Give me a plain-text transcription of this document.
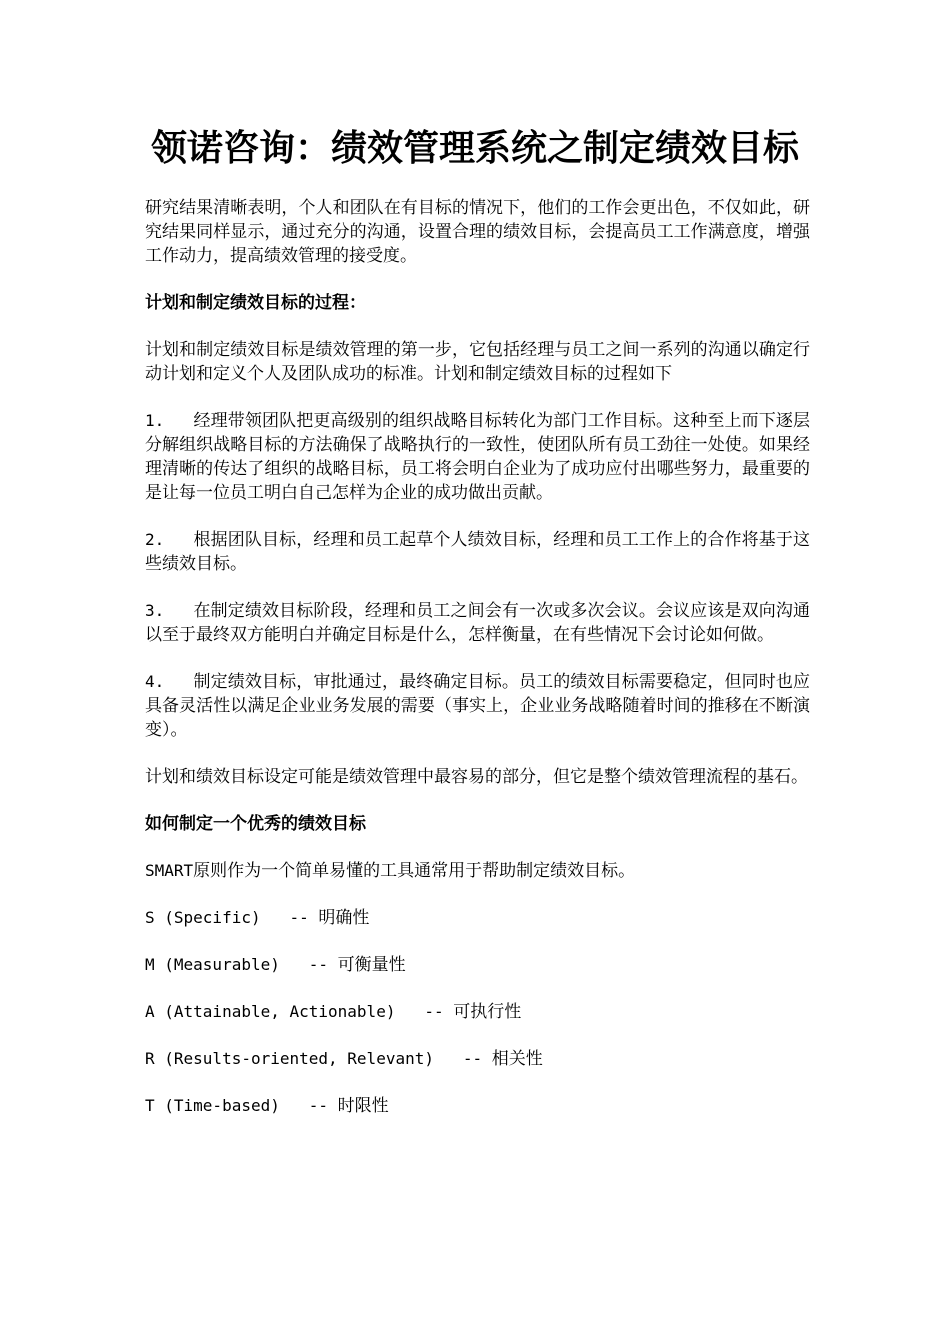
领诺咨询：绩效管理系统之制定绩效目标

研究结果清晰表明，个人和团队在有目标的情况下，他们的工作会更出色，不仅如此，研究结果同样显示，通过充分的沟通，设置合理的绩效目标，会提高员工工作满意度，增强工作动力，提高绩效管理的接受度。

计划和制定绩效目标的过程：

计划和制定绩效目标是绩效管理的第一步，它包括经理与员工之间一系列的沟通以确定行动计划和定义个人及团队成功的标准。计划和制定绩效目标的过程如下

1. 经理带领团队把更高级别的组织战略目标转化为部门工作目标。这种至上而下逐层分解组织战略目标的方法确保了战略执行的一致性，使团队所有员工劲往一处使。如果经理清晰的传达了组织的战略目标，员工将会明白企业为了成功应付出哪些努力，最重要的是让每一位员工明白自己怎样为企业的成功做出贡献。

2. 根据团队目标，经理和员工起草个人绩效目标，经理和员工工作上的合作将基于这些绩效目标。

3. 在制定绩效目标阶段，经理和员工之间会有一次或多次会议。会议应该是双向沟通以至于最终双方能明白并确定目标是什么，怎样衡量，在有些情况下会讨论如何做。

4. 制定绩效目标，审批通过，最终确定目标。员工的绩效目标需要稳定，但同时也应具备灵活性以满足企业业务发展的需要（事实上，企业业务战略随着时间的推移在不断演变）。

计划和绩效目标设定可能是绩效管理中最容易的部分，但它是整个绩效管理流程的基石。

如何制定一个优秀的绩效目标

SMART原则作为一个简单易懂的工具通常用于帮助制定绩效目标。

S (Specific)   -- 明确性

M (Measurable)   -- 可衡量性

A (Attainable, Actionable)   -- 可执行性

R (Results-oriented, Relevant)   -- 相关性

T (Time-based)   -- 时限性
